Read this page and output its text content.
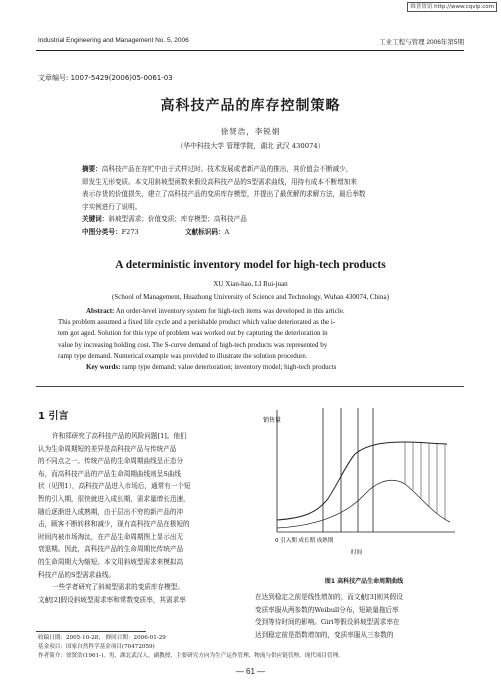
维普资讯 http://www.cqvip.com
Industrial Engineering and Management No. 5, 2006	工业工程与管理 2006年第5期
文章编号: 1007-5429(2006)05-0061-03
高科技产品的库存控制策略
徐贤浩，李锐娟
（华中科技大学 管理学院，湖北 武汉 430074）
摘要：高科技产品在存贮中由于式样过时、技术发展或者新产品的推出，其价值会不断减少，
即发生无形变质。本文用斜坡型函数来假设高科技产品的S型需求曲线，用持有成本不断增加来
表示存货的价值损失，建立了高科技产品的变质库存模型，并提出了最优解的求解方法，最后举数
字实例进行了说明。
关键词：斜坡型需求；价值变质；库存模型；高科技产品
中图分类号：F273	文献标识码：A
A deterministic inventory model for high-tech products
XU Xian-hao, LI Rui-juan
(School of Management, Huazhong University of Science and Technology, Wuhan 430074, China)
Abstract: An order-level inventory system for high-tech items was developed in this article.
This problem assumed a fixed life cycle and a perishable product which value deteriorated as the i-
tem got aged. Solution for this type of problem was worked out by capturing the deterioration in
value by increasing holding cost. The S-curve demand of high-tech products was represented by
ramp type demand. Numerical example was provided to illustrate the solution procedure.
Key words: ramp type demand; value deterioration; inventory model; high-tech products
1 引言
许和郑研究了高科技产品的风险问题[1]。他们
认为生命周期短的差异是高科技产品与传统产品
的不同点之一。传统产品的生命周期曲线呈正态分
布，而高科技产品的产品生命周期曲线则呈S曲线
状（见图1），高科技产品进入市场后，通常有一个短
暂的引入期，很快就进入成长期，需求量增长迅速，
随后逐渐进入成熟期，由于层出不穷的新产品的冲
击，顾客不断转移和减少，现有高科技产品在极短的
时间内被市场淘汰，在产品生命周期图上显示出无
衰退期。因此，高科技产品的生命周期比传统产品
的生命周期大为缩短。本文用斜坡型需求来模拟高
科技产品的S型需求曲线。
一些学者研究了斜坡型需求的变质库存模型。
文献[2]假设斜坡型需求率和常数变质率，其需求率
销售量
0 引入期 成长期 成熟期
时间
图1 高科技产品生命周期曲线
在达到稳定之前是线性增加的，而文献[3]则其假设
变质率服从两参数的Weibull分布，短缺量拖后率
受到等待时间的影响。Giri等假设斜坡型需求率在
达到稳定前是指数增加的，变质率服从三参数的
收稿日期：2005-10-28； 修回日期：2006-01-29
基金项目：国家自然科学基金项目(70472059)
作者简介：徐贤浩(1961-)，男，湖北武汉人，副教授，主要研究方向为生产运作管理、物流与供应链管理、现代项目管理。
— 61 —
